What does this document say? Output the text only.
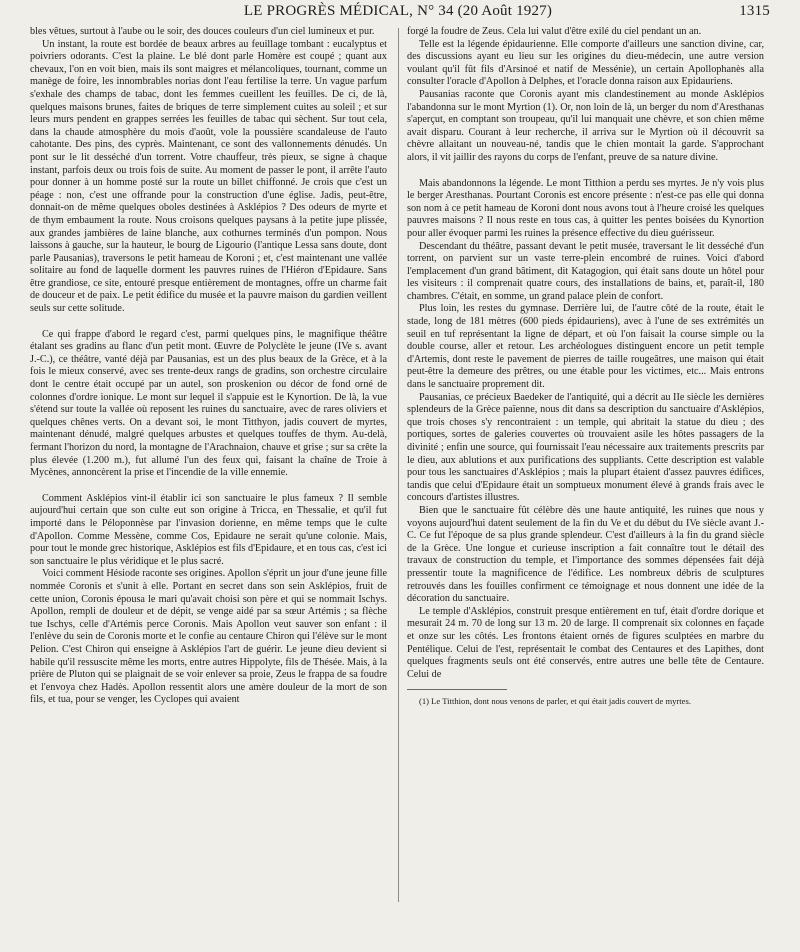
LE PROGRÈS MÉDICAL, N° 34 (20 Août 1927)	1315

bles vêtues, surtout à l'aube ou le soir, des douces couleurs d'un ciel lumineux et pur.

Un instant, la route est bordée de beaux arbres au feuillage tombant : eucalyptus et poivriers odorants. C'est la plaine. Le blé dont parle Homère est coupé ; quant aux chevaux, l'on en voit bien, mais ils sont maigres et mélancoliques, tournant, comme un manège de foire, les innombrables norias dont l'eau fertilise la terre. Un vague parfum s'exhale des champs de tabac, dont les femmes cueillent les feuilles. De ci, de là, quelques maisons brunes, faites de briques de terre simplement cuites au soleil ; et sur leurs murs pendent en grappes serrées les feuilles de tabac qui sèchent. Sur tout cela, dans la chaude atmosphère du mois d'août, vole la poussière scandaleuse de l'auto cahotante. Des pins, des cyprès. Maintenant, ce sont des vallonnements dénudés. Un pont sur le lit desséché d'un torrent. Votre chauffeur, très pieux, se signe à chaque instant, parfois deux ou trois fois de suite. Au moment de passer le pont, il arrête l'auto pour donner à un homme posté sur la route un billet chiffonné. Je crois que c'est un péage : non, c'est une offrande pour la construction d'une église. Jadis, peut-être, donnait-on de même quelques oboles destinées à Asklépios ? Des odeurs de myrte et de thym embaument la route. Nous croisons quelques paysans à la petite jupe plissée, aux grandes jambières de laine blanche, aux cothurnes terminés d'un pompon. Nous laissons à gauche, sur la hauteur, le bourg de Ligourio (l'antique Lessa sans doute, dont parle Pausanias), traversons le petit hameau de Koroni ; et, c'est maintenant une vallée solitaire au fond de laquelle dorment les pauvres ruines de l'Hiéron d'Epidaure. Sans être grandiose, ce site, entouré presque entièrement de montagnes, offre un charme fait de douceur et de paix. Le petit édifice du musée et la pauvre maison du gardien veillent seuls sur cette solitude.

Ce qui frappe d'abord le regard c'est, parmi quelques pins, le magnifique théâtre étalant ses gradins au flanc d'un petit mont. Œuvre de Polyclète le jeune (IVe s. avant J.-C.), ce théâtre, vanté déjà par Pausanias, est un des plus beaux de la Grèce, et à la fois le mieux conservé, avec ses trente-deux rangs de gradins, son orchestre circulaire dont le centre était occupé par un autel, son proskenion ou décor de fond orné de colonnes d'ordre ionique. Le mont sur lequel il s'appuie est le Kynortion. De là, la vue s'étend sur toute la vallée où reposent les ruines du sanctuaire, avec de rares oliviers et quelques chênes verts. On a devant soi, le mont Titthyon, jadis couvert de myrtes, maintenant dénudé, malgré quelques arbustes et quelques touffes de thym. Au-delà, fermant l'horizon du nord, la montagne de l'Arachnaion, chauve et grise ; sur sa crête la plus élevée (1.200 m.), fut allumé l'un des feux qui, faisant la chaîne de Troie à Mycènes, annoncèrent la prise et l'incendie de la ville ennemie.

Comment Asklépios vint-il établir ici son sanctuaire le plus fameux ? Il semble aujourd'hui certain que son culte eut son origine à Tricca, en Thessalie, et qu'il fut importé dans le Péloponnèse par l'invasion dorienne, en même temps que le culte d'Apollon. Comme Messène, comme Cos, Epidaure ne serait qu'une colonie. Mais, pour tout le monde grec historique, Asklépios est fils d'Epidaure, et en tous cas, c'est ici son sanctuaire le plus véridique et le plus sacré.

Voici comment Hésiode raconte ses origines. Apollon s'éprit un jour d'une jeune fille nommée Coronis et s'unit à elle. Portant en secret dans son sein Asklépios, fruit de cette union, Coronis épousa le mari qu'avait choisi son père et qui se nommait Ischys. Apollon, rempli de douleur et de dépit, se venge aidé par sa sœur Artémis ; sa flèche tue Ischys, celle d'Artémis perce Coronis. Mais Apollon veut sauver son enfant : il l'enlève du sein de Coronis morte et le confie au centaure Chiron qui l'élève sur le mont Pelion. C'est Chiron qui enseigne à Asklépios l'art de guérir. Le jeune dieu devient si habile qu'il ressuscite même les morts, entre autres Hippolyte, fils de Thésée. Mais, à la prière de Pluton qui se plaignait de se voir enlever sa proie, Zeus le frappa de sa foudre et l'envoya chez Hadès. Apollon ressentit alors une amère douleur de la mort de son fils, et tua, pour se venger, les Cyclopes qui avaient

forgé la foudre de Zeus. Cela lui valut d'être exilé du ciel pendant un an.

Telle est la légende épidaurienne. Elle comporte d'ailleurs une sanction divine, car, des discussions ayant eu lieu sur les origines du dieu-médecin, une autre version voulant qu'il fût fils d'Arsinoé et natif de Messénie), un certain Apollophanès alla consulter l'oracle d'Apollon à Delphes, et l'oracle donna raison aux Epidauriens.

Pausanias raconte que Coronis ayant mis clandestinement au monde Asklépios l'abandonna sur le mont Myrtion (1). Or, non loin de là, un berger du nom d'Aresthanas s'aperçut, en comptant son troupeau, qu'il lui manquait une chèvre, et son chien même avait disparu. Courant à leur recherche, il arriva sur le Myrtion où il découvrit sa chèvre allaitant un nouveau-né, tandis que le chien montait la garde. S'approchant alors, il vit jaillir des rayons du corps de l'enfant, preuve de sa nature divine.

Mais abandonnons la légende. Le mont Titthion a perdu ses myrtes. Je n'y vois plus le berger Aresthanas. Pourtant Coronis est encore présente : n'est-ce pas elle qui donna son nom à ce petit hameau de Koroni dont nous avons tout à l'heure croisé les quelques pauvres maisons ? Il nous reste en tous cas, à quitter les pentes boisées du Kynortion pour aller évoquer parmi les ruines la présence effective du dieu guérisseur.

Descendant du théâtre, passant devant le petit musée, traversant le lit desséché d'un torrent, on parvient sur un vaste terre-plein encombré de ruines. Voici d'abord l'emplacement d'un grand bâtiment, dit Katagogion, qui était sans doute un hôtel pour les visiteurs : il comprenait quatre cours, des installations de bains, et, paraît-il, 180 chambres. C'était, en somme, un grand palace plein de confort.

Plus loin, les restes du gymnase. Derrière lui, de l'autre côté de la route, était le stade, long de 181 mètres (600 pieds épidauriens), avec à l'une de ses extrémités un seuil en tuf représentant la ligne de départ, et où l'on faisait la course simple ou la double course, aller et retour. Les archéologues distinguent encore un petit temple d'Artemis, dont reste le pavement de pierres de taille rougeâtres, une maison qui était peut-être la demeure des prêtres, ou une étable pour les victimes, etc... Mais entrons dans le sanctuaire proprement dit.

Pausanias, ce précieux Baedeker de l'antiquité, qui a décrit au IIe siècle les dernières splendeurs de la Grèce païenne, nous dit dans sa description du sanctuaire d'Asklépios, que trois choses s'y rencontraient : un temple, qui abritait la statue du dieu ; des portiques, sortes de galeries couvertes où trouvaient asile les hôtes passagers de la divinité ; enfin une source, qui fournissait l'eau nécessaire aux traitements prescrits par le dieu, aux ablutions et aux purifications des suppliants. Cette description est valable pour tous les sanctuaires d'Asklépios ; mais la plupart étaient d'assez pauvres édifices, tandis que celui d'Epidaure était un somptueux monument élevé à grands frais avec le concours d'artistes illustres.

Bien que le sanctuaire fût célèbre dès une haute antiquité, les ruines que nous y voyons aujourd'hui datent seulement de la fin du Ve et du début du IVe siècle avant J.-C. Ce fut l'époque de sa plus grande splendeur. C'est d'ailleurs à la fin du grand siècle de la Grèce. Une longue et curieuse inscription a fait connaître tout le détail des travaux de construction du temple, et l'importance des sommes dépensées fait déjà pressentir toute la magnificence de l'édifice. Les nombreux débris de sculptures retrouvés dans les fouilles confirment ce témoignage et nous donnent une idée de la décoration du sanctuaire.

Le temple d'Asklépios, construit presque entièrement en tuf, était d'ordre dorique et mesurait 24 m. 70 de long sur 13 m. 20 de large. Il comprenait six colonnes en façade et onze sur les côtés. Les frontons étaient ornés de figures sculptées en marbre du Pentélique. Celui de l'est, représentait le combat des Centaures et des Lapithes, dont quelques fragments seuls ont été conservés, entre autres une belle tête de Centaure. Celui de

(1) Le Titthion, dont nous venons de parler, et qui était jadis couvert de myrtes.
